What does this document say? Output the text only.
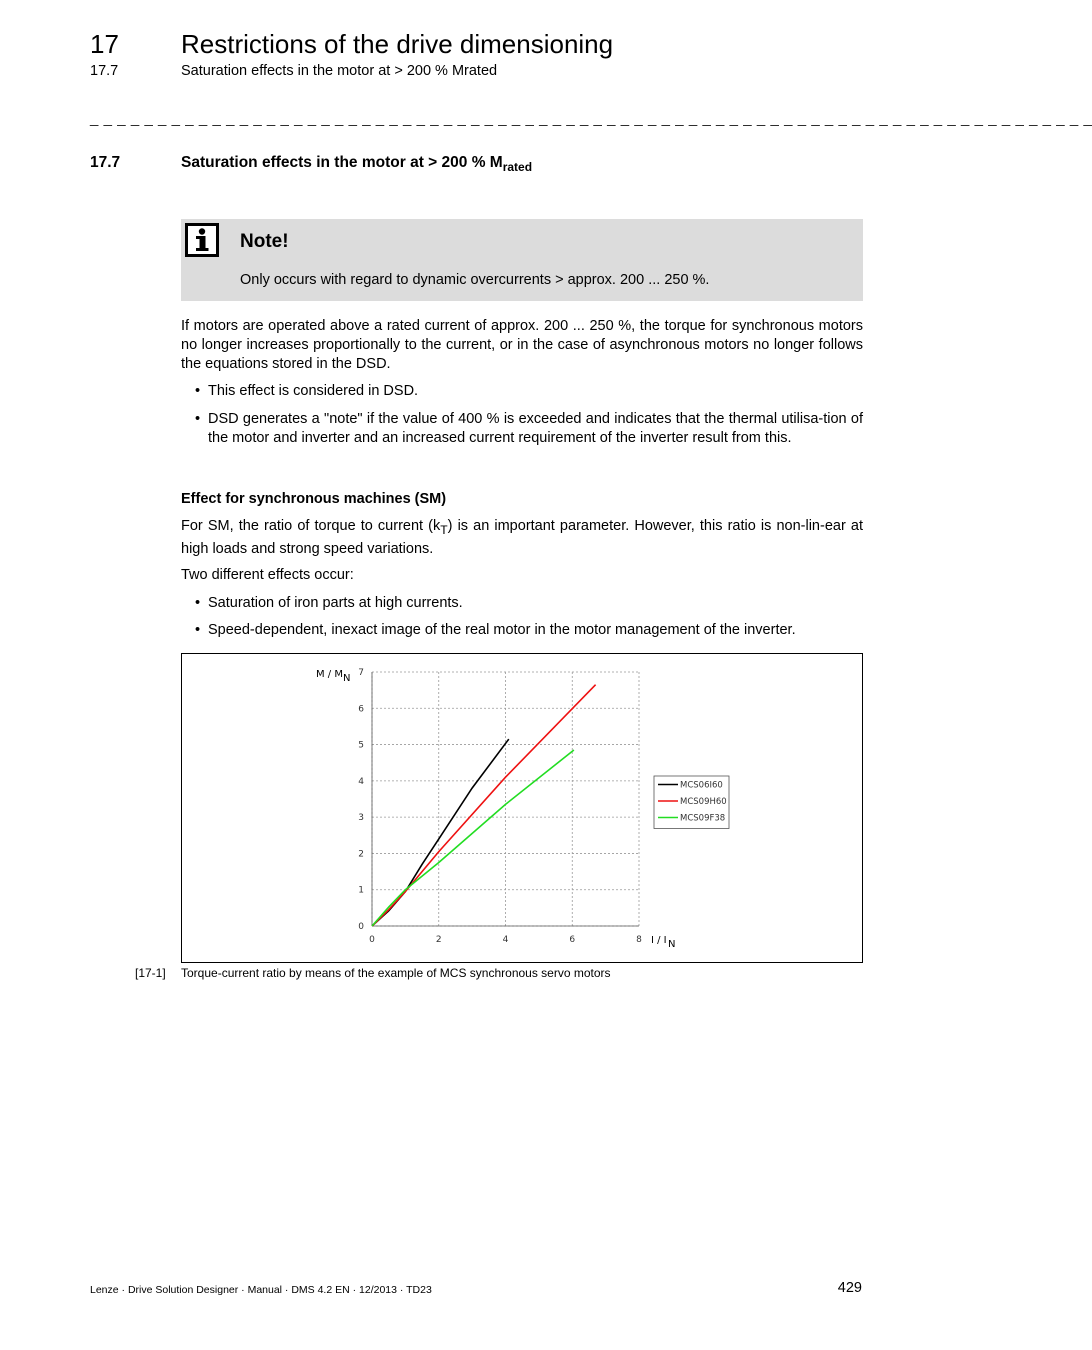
17 Restrictions of the drive dimensioning
17.7	Saturation effects in the motor at > 200 % Mrated
_ _ _ _ _ _ _ _ _ _ _ _ _ _ _ _ _ _ _ _ _ _ _ _ _ _ _ _ _ _ _ _ _ _ _ _ _ _ _ _ _ _ _ _ _ _ _ _ _ _ _ _ _ _ _ _ _ _ _ _ _ _ _ _ _ _ _ _ _ _ _ _ _ _
17.7	Saturation effects in the motor at > 200 % $M_{rated}$
Note!
Only occurs with regard to dynamic overcurrents > approx. 200 ... 250 %.
If motors are operated above a rated current of approx. 200 ... 250 %, the torque for synchronous motors no longer increases proportionally to the current, or in the case of asynchronous motors no longer follows the equations stored in the DSD.
• This effect is considered in DSD.
• DSD generates a "note" if the value of 400 % is exceeded and indicates that the thermal utilisa-tion of the motor and inverter and an increased current requirement of the inverter result from this.
Effect for synchronous machines (SM)
For SM, the ratio of torque to current $(k_T)$ is an important parameter. However, this ratio is non-lin-ear at high loads and strong speed variations.
Two different effects occur:
• Saturation of iron parts at high currents.
• Speed-dependent, inexact image of the real motor in the motor management of the inverter.
0	2	4	6	8
0
1
2
3
4
5
6
7
M / M N
I / I N
MCS06I60
MCS09H60
MCS09F38
[17-1] Torque-current ratio by means of the example of MCS synchronous servo motors
Lenze · Drive Solution Designer · Manual · DMS 4.2 EN · 12/2013 · TD23	429
